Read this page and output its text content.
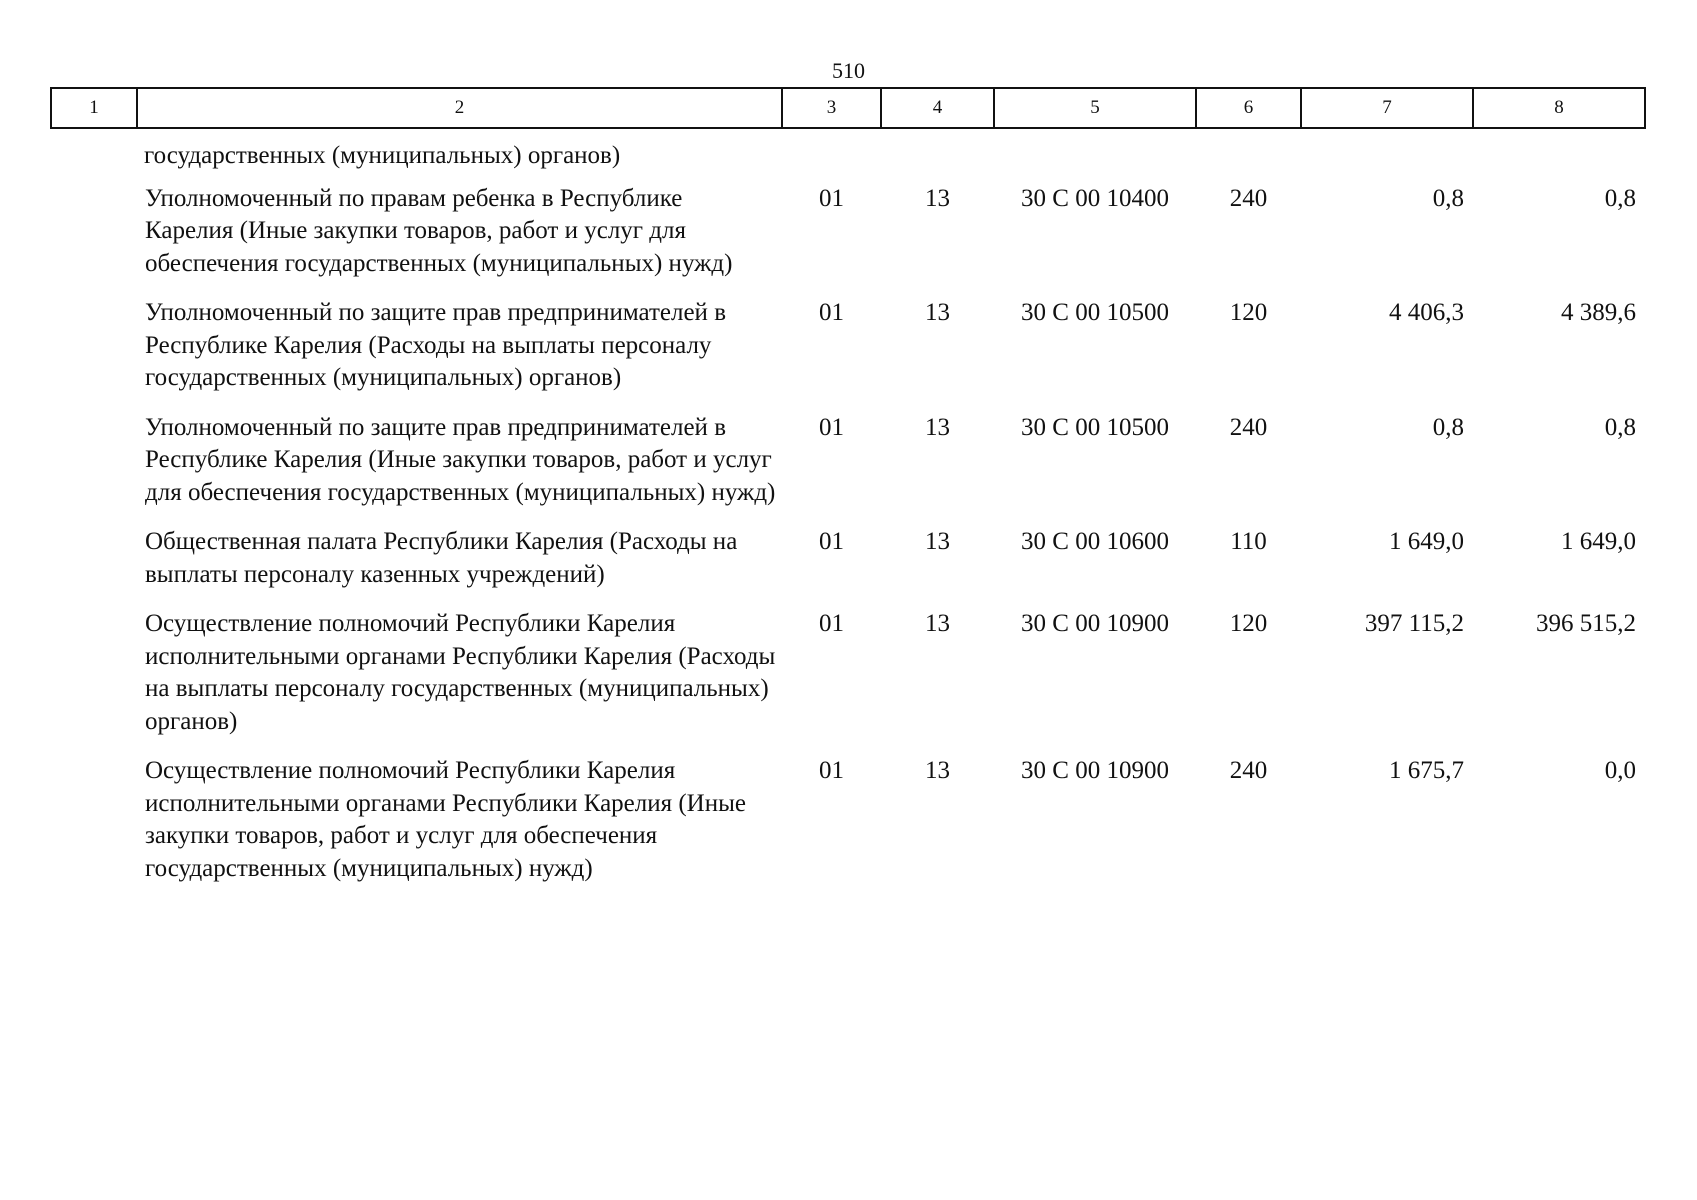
510
1	2	3	4	5	6	7	8
государственных (муниципальных) органов)							
	Уполномоченный по правам ребенка в Республике Карелия (Иные закупки товаров, работ и услуг для обеспечения государственных (муниципальных) нужд)	01	13	30 С 00 10400	240	0,8	0,8
	Уполномоченный по защите прав предпринимателей в Республике Карелия (Расходы на выплаты персоналу государственных (муниципальных) органов)	01	13	30 С 00 10500	120	4 406,3	4 389,6
	Уполномоченный по защите прав предпринимателей в Республике Карелия (Иные закупки товаров, работ и услуг для обеспечения государственных (муниципальных) нужд)	01	13	30 С 00 10500	240	0,8	0,8
	Общественная палата Республики Карелия (Расходы на выплаты персоналу казенных учреждений)	01	13	30 С 00 10600	110	1 649,0	1 649,0
	Осуществление полномочий Республики Карелия исполнительными органами Республики Карелия (Расходы на выплаты персоналу государственных (муниципальных) органов)	01	13	30 С 00 10900	120	397 115,2	396 515,2
	Осуществление полномочий Республики Карелия исполнительными органами Республики Карелия (Иные закупки товаров, работ и услуг для обеспечения государственных (муниципальных) нужд)	01	13	30 С 00 10900	240	1 675,7	0,0
